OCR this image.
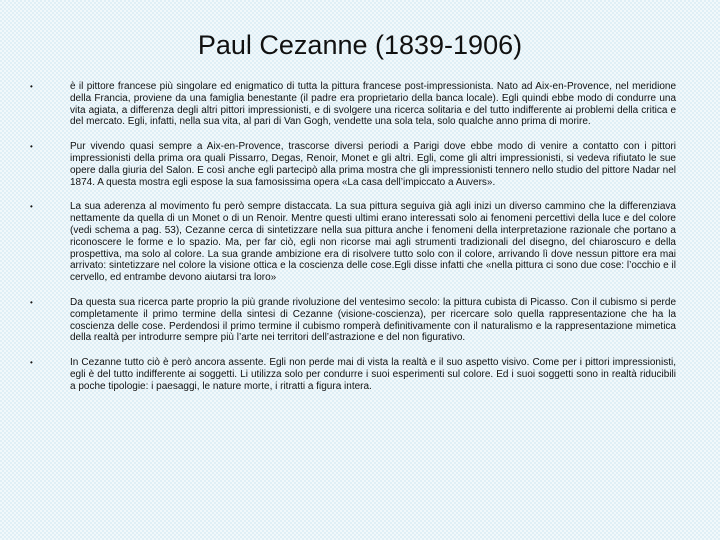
Paul Cezanne (1839-1906)
•	è il pittore francese più singolare ed enigmatico di tutta la pittura francese post-impressionista. Nato ad Aix-en-Provence, nel meridione della Francia, proviene da una famiglia benestante (il padre era proprietario della banca locale). Egli quindi ebbe modo di condurre una vita agiata, a differenza degli altri pittori impressionisti, e di svolgere una ricerca solitaria e del tutto indifferente ai problemi della critica e del mercato. Egli, infatti, nella sua vita, al pari di Van Gogh, vendette una sola tela, solo qualche anno prima di morire.
•	Pur vivendo quasi sempre a Aix-en-Provence, trascorse diversi periodi a Parigi dove ebbe modo di venire a contatto con i pittori impressionisti della prima ora quali Pissarro, Degas, Renoir, Monet e gli altri. Egli, come gli altri impressionisti, si vedeva rifiutato le sue opere dalla giuria del Salon. E così anche egli partecipò alla prima mostra che gli impressionisti tennero nello studio del pittore Nadar nel 1874. A questa mostra egli espose la sua famosissima opera «La casa dell’impiccato a Auvers».
•	La sua aderenza al movimento fu però sempre distaccata. La sua pittura seguiva già agli inizi un diverso cammino che la differenziava nettamente da quella di un Monet o di un Renoir. Mentre questi ultimi erano interessati solo ai fenomeni percettivi della luce e del colore (vedi schema a pag. 53), Cezanne cerca di sintetizzare nella sua pittura anche i fenomeni della interpretazione razionale che portano a riconoscere le forme e lo spazio. Ma, per far ciò, egli non ricorse mai agli strumenti tradizionali del disegno, del chiaroscuro e della prospettiva, ma solo al colore. La sua grande ambizione era di risolvere tutto solo con il colore, arrivando lì dove nessun pittore era mai arrivato: sintetizzare nel colore la visione ottica e la coscienza delle cose.Egli disse infatti che «nella pittura ci sono due cose: l’occhio e il cervello, ed entrambe devono aiutarsi tra loro»
•	Da questa sua ricerca parte proprio la più grande rivoluzione del ventesimo secolo: la pittura cubista di Picasso. Con il cubismo si perde completamente il primo termine della sintesi di Cezanne (visione-coscienza), per ricercare solo quella rappresentazione che ha la coscienza delle cose. Perdendosi il primo termine il cubismo romperà definitivamente con il naturalismo e la rappresentazione mimetica della realtà per introdurre sempre più l’arte nei territori dell’astrazione e del non figurativo.
•	In Cezanne tutto ciò è però ancora assente. Egli non perde mai di vista la realtà e il suo aspetto visivo. Come per i pittori impressionisti, egli è del tutto indifferente ai soggetti. Li utilizza solo per condurre i suoi esperimenti sul colore. Ed i suoi soggetti sono in realtà riducibili a poche tipologie: i paesaggi, le nature morte, i ritratti a figura intera.
